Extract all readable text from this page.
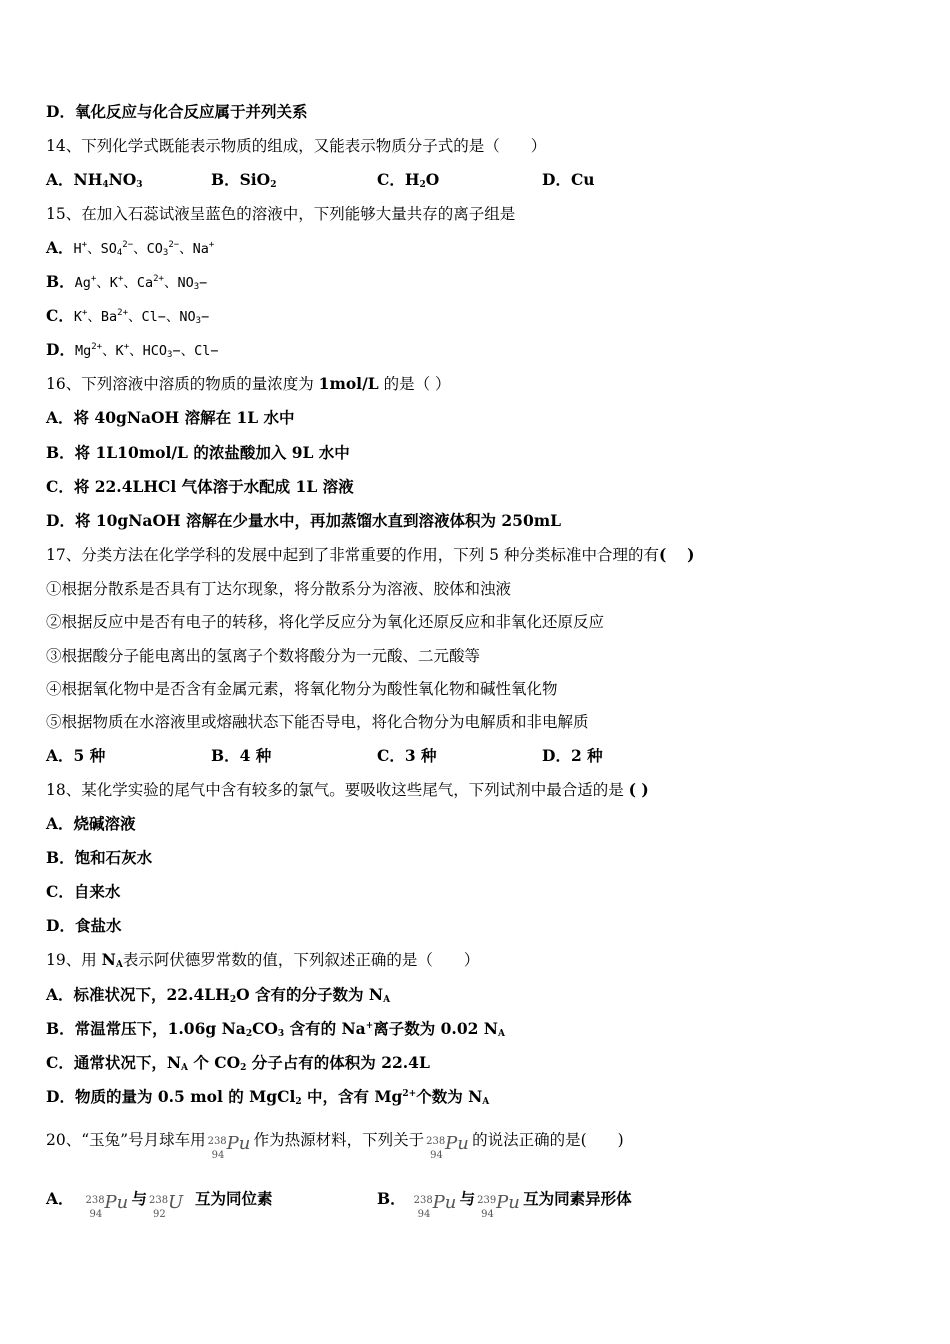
D．氧化反应与化合反应属于并列关系
14、下列化学式既能表示物质的组成，又能表示物质分子式的是（　　）
A．$NH_4NO_3$	B．SiO$_2$	C．$H_2O$	D．Cu
15、在加入石蕊试液呈蓝色的溶液中，下列能够大量共存的离子组是
A．H+、$SO_4^{2-}$、$CO_3^{2-}$、Na+
B．Ag+、K+、$Ca^{2+}$、$NO_3-$
C．K+、$Ba^{2+}$、Cl−、$NO_3-$
D．$Mg^{2+}$、K+、$HCO_3-$、Cl−
16、下列溶液中溶质的物质的量浓度为 1mol/L 的是（ ）
A．将 40gNaOH 溶解在 1L 水中
B．将 1L10mol/L 的浓盐酸加入 9L 水中
C．将 22.4LHCl 气体溶于水配成 1L 溶液
D．将 10gNaOH 溶解在少量水中，再加蒸馏水直到溶液体积为 250mL
17、分类方法在化学学科的发展中起到了非常重要的作用，下列 5 种分类标准中合理的有(　 )
①根据分散系是否具有丁达尔现象，将分散系分为溶液、胶体和浊液
②根据反应中是否有电子的转移，将化学反应分为氧化还原反应和非氧化还原反应
③根据酸分子能电离出的氢离子个数将酸分为一元酸、二元酸等
④根据氧化物中是否含有金属元素，将氧化物分为酸性氧化物和碱性氧化物
⑤根据物质在水溶液里或熔融状态下能否导电，将化合物分为电解质和非电解质
A．5 种	B．4 种	C．3 种	D．2 种
18、某化学实验的尾气中含有较多的氯气。要吸收这些尾气，下列试剂中最合适的是 ( )
A．烧碱溶液
B．饱和石灰水
C．自来水
D．食盐水
19、用 $N_A$表示阿伏德罗常数的值，下列叙述正确的是（　　）
A．标准状况下，$22.4LH_2O$ 含有的分子数为 $N_A$
B．常温常压下，1.06g $Na_2CO_3$ 含有的 Na+离子数为 0.02 $N_A$
C．通常状况下，$N_A$ 个 $CO_2$ 分子占有的体积为 22.4L
D．物质的量为 0.5 mol 的 MgCl$_2$ 中，含有 $Mg^{2+}$个数为 $N_A$
20、“玉兔”号月球车用 238
94
Pu 作为热源材料，下列关于 238
94
Pu 的说法正确的是(　　)
A． 238
94
Pu 与 238
92
U 互为同位素	B． 238
94
Pu 与 239
94
Pu 互为同素异形体
